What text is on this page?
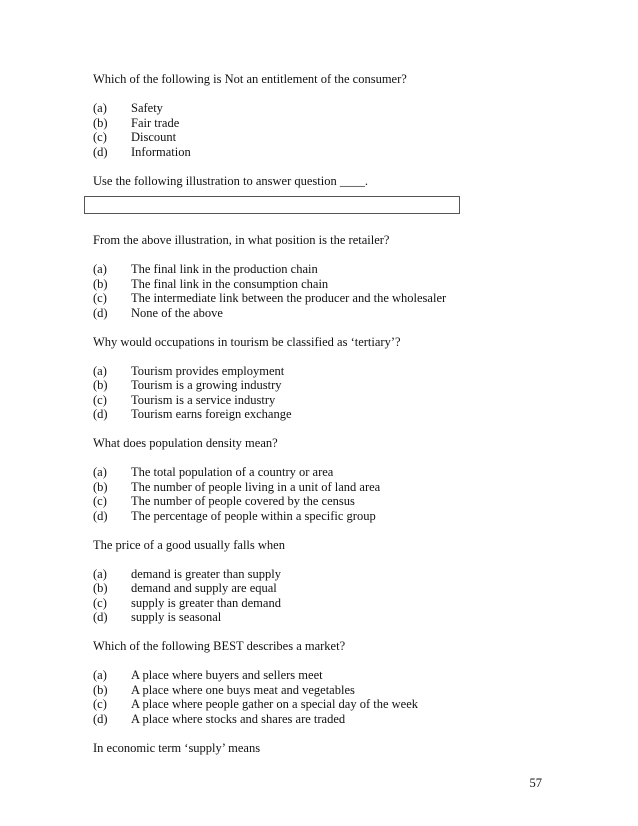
Which of the following is Not an entitlement of the consumer?

(a)	Safety
(b)	Fair trade
(c)	Discount
(d)	Information

Use the following illustration to answer question ____.

From the above illustration, in what position is the retailer?

(a)	The final link in the production chain
(b)	The final link in the consumption chain
(c)	The intermediate link between the producer and the wholesaler
(d)	None of the above

Why would occupations in tourism be classified as ‘tertiary’?

(a)	Tourism provides employment
(b)	Tourism is a growing industry
(c)	Tourism is a service industry
(d)	Tourism earns foreign exchange

What does population density mean?

(a)	The total population of a country or area
(b)	The number of people living in a unit of land area
(c)	The number of people covered by the census
(d)	The percentage of people within a specific group

The price of a good usually falls when

(a)	demand is greater than supply
(b)	demand and supply are equal
(c)	supply is greater than demand
(d)	supply is seasonal

Which of the following BEST describes a market?

(a)	A place where buyers and sellers meet
(b)	A place where one buys meat and vegetables
(c)	A place where people gather on a special day of the week
(d)	A place where stocks and shares are traded

In economic term ‘supply’ means

57
